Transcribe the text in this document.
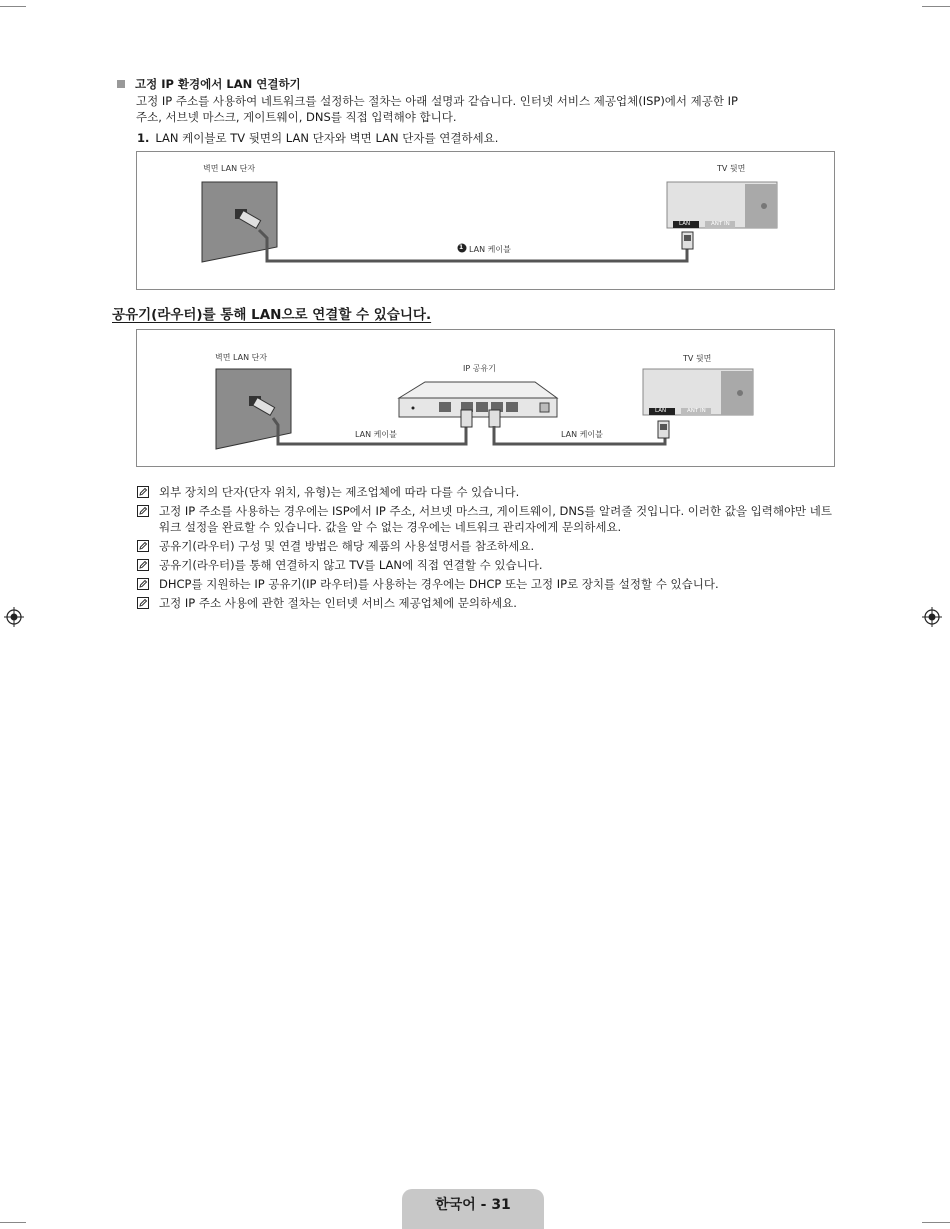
고정 IP 환경에서 LAN 연결하기
고정 IP 주소를 사용하여 네트워크를 설정하는 절차는 아래 설명과 같습니다. 인터넷 서비스 제공업체(ISP)에서 제공한 IP
주소, 서브넷 마스크, 게이트웨이, DNS를 직접 입력해야 합니다.
1. LAN 케이블로 TV 뒷면의 LAN 단자와 벽면 LAN 단자를 연결하세요.
벽면 LAN 단자	TV 뒷면
1 LAN 케이블
LAN	ANT IN
공유기(라우터)를 통해 LAN으로 연결할 수 있습니다.
벽면 LAN 단자
IP 공유기
TV 뒷면
LAN 케이블	LAN 케이블
LAN	ANT IN
외부 장치의 단자(단자 위치, 유형)는 제조업체에 따라 다를 수 있습니다.
고정 IP 주소를 사용하는 경우에는 ISP에서 IP 주소, 서브넷 마스크, 게이트웨이, DNS를 알려줄 것입니다. 이러한 값을 입력해야만 네트워크 설정을 완료할 수 있습니다. 값을 알 수 없는 경우에는 네트워크 관리자에게 문의하세요.
공유기(라우터) 구성 및 연결 방법은 해당 제품의 사용설명서를 참조하세요.
공유기(라우터)를 통해 연결하지 않고 TV를 LAN에 직접 연결할 수 있습니다.
DHCP를 지원하는 IP 공유기(IP 라우터)를 사용하는 경우에는 DHCP 또는 고정 IP로 장치를 설정할 수 있습니다.
고정 IP 주소 사용에 관한 절차는 인터넷 서비스 제공업체에 문의하세요.
한국어 - 31
